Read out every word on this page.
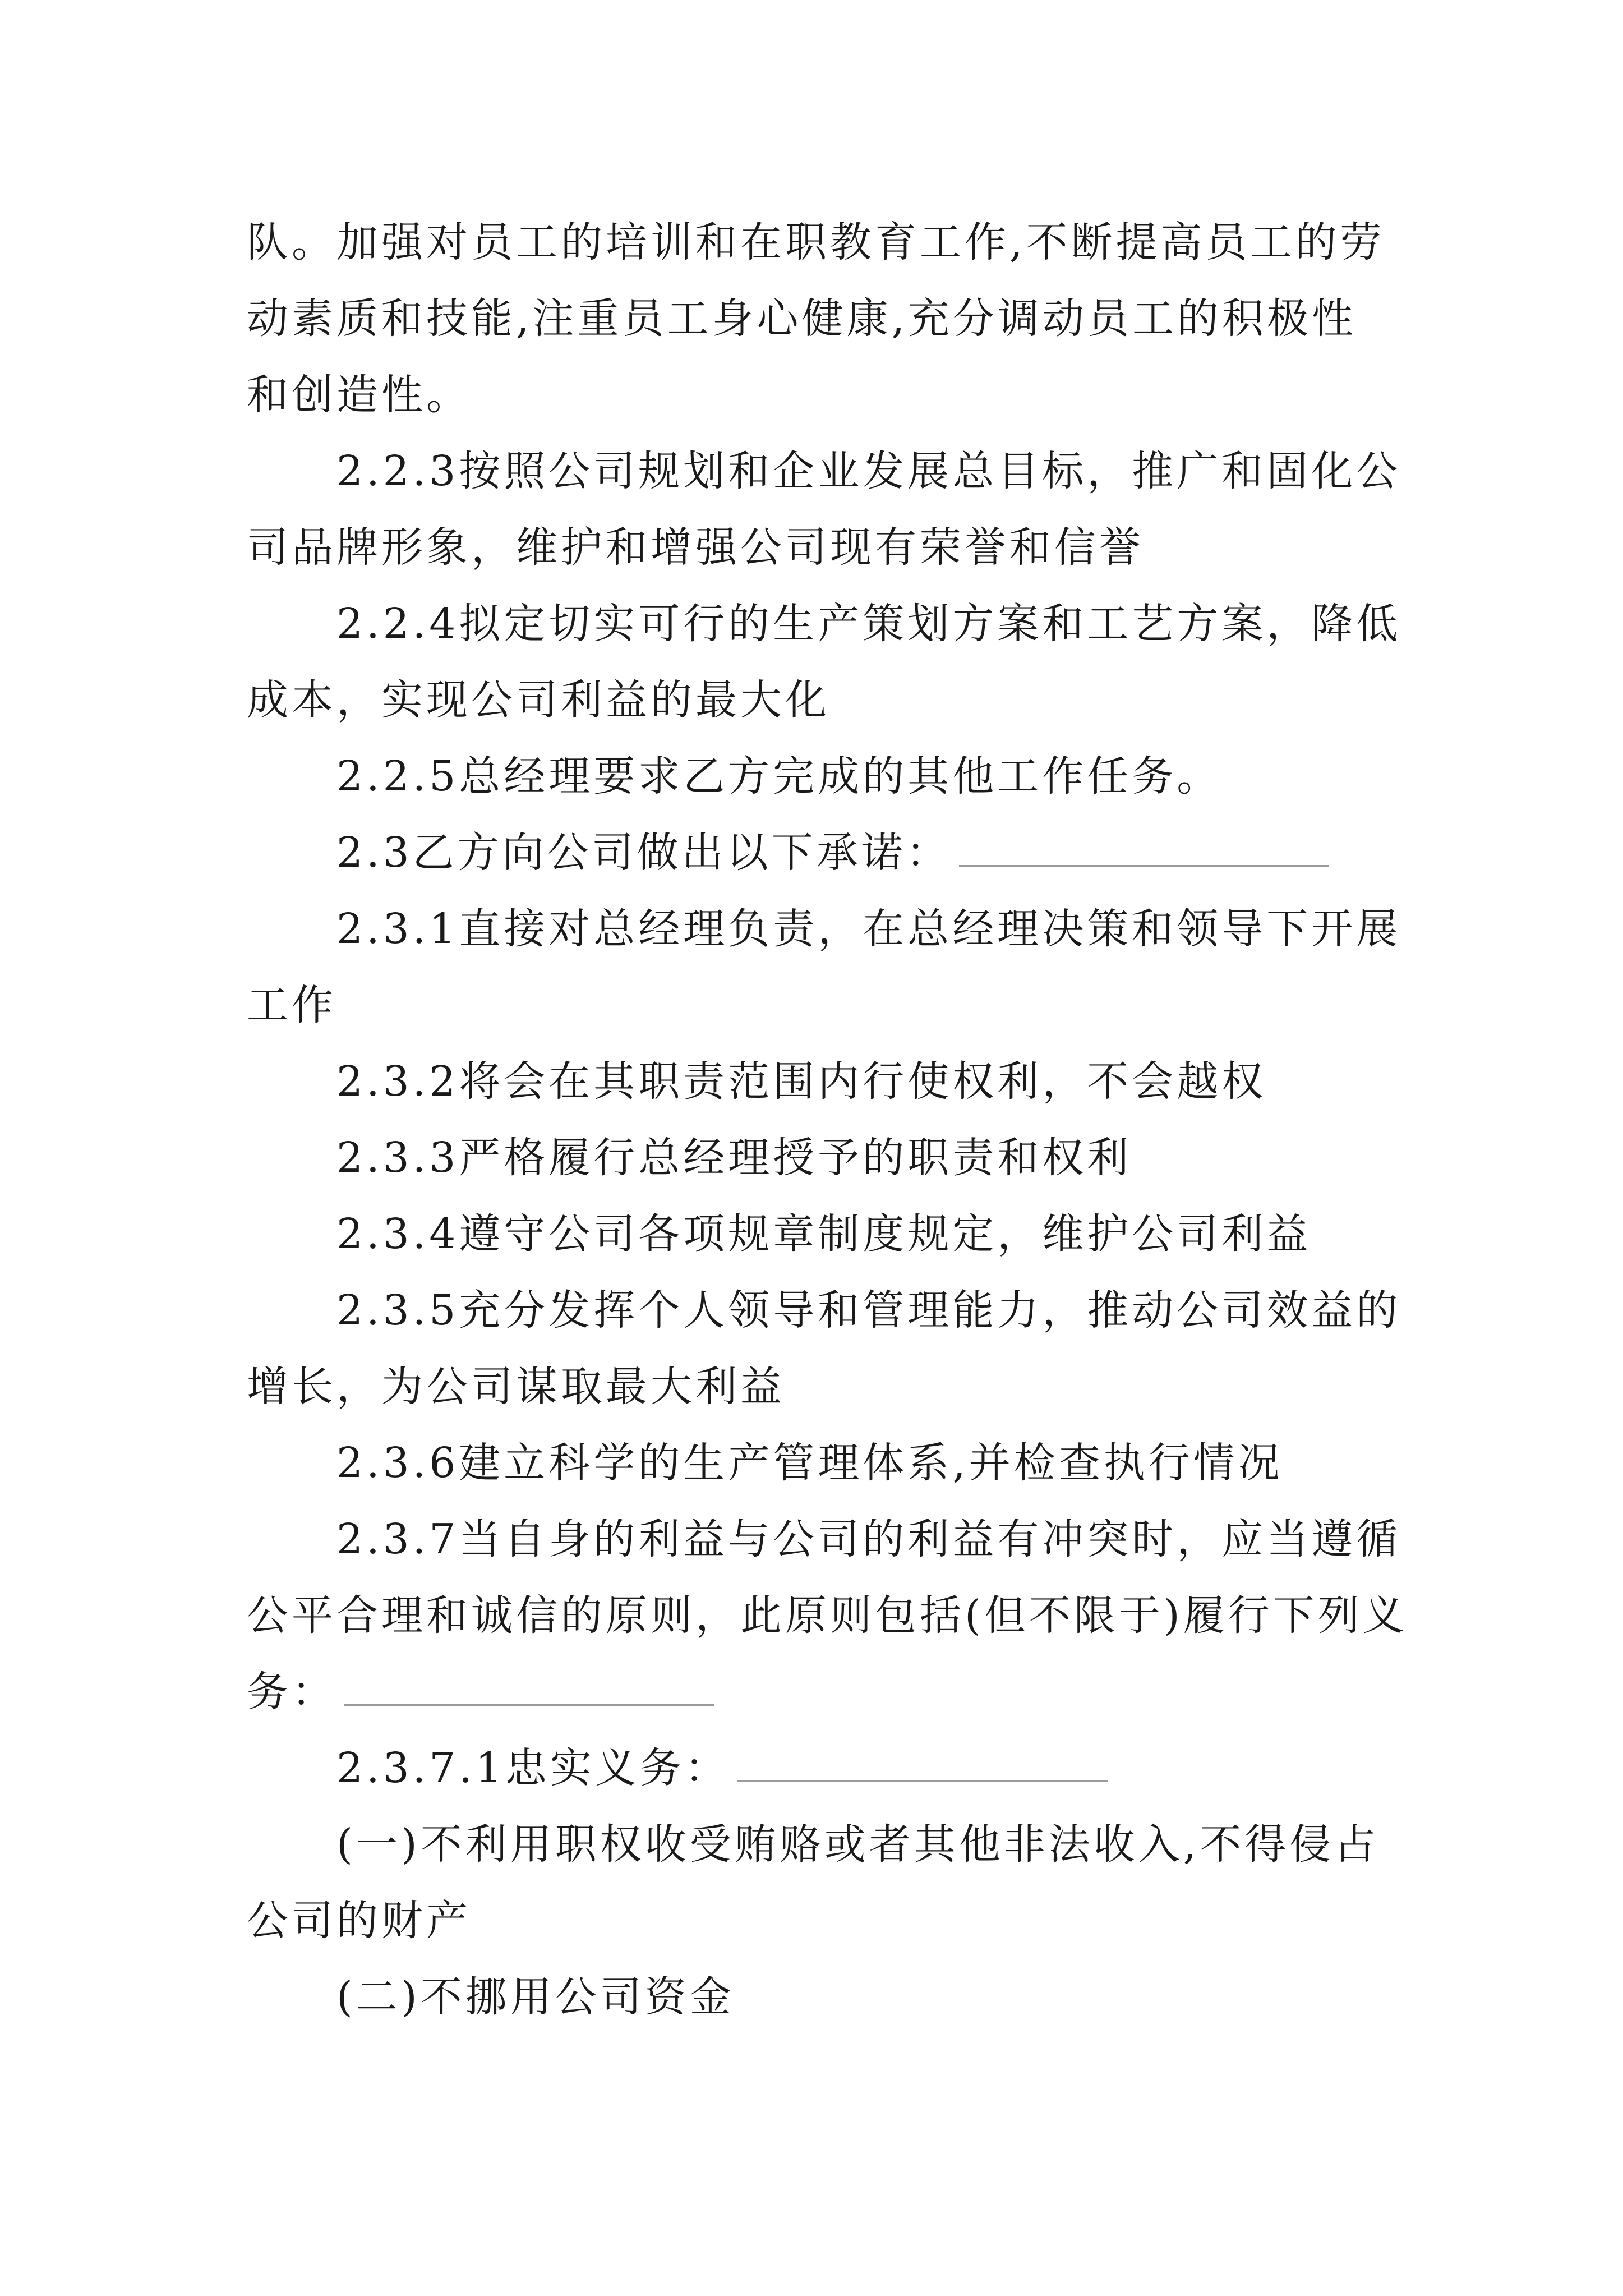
队。加强对员工的培训和在职教育工作,不断提高员工的劳
动素质和技能,注重员工身心健康,充分调动员工的积极性
和创造性。
2.2.3按照公司规划和企业发展总目标，推广和固化公
司品牌形象，维护和增强公司现有荣誉和信誉
2.2.4拟定切实可行的生产策划方案和工艺方案，降低
成本，实现公司利益的最大化
2.2.5总经理要求乙方完成的其他工作任务。
2.3乙方向公司做出以下承诺：
2.3.1直接对总经理负责，在总经理决策和领导下开展
工作
2.3.2将会在其职责范围内行使权利，不会越权
2.3.3严格履行总经理授予的职责和权利
2.3.4遵守公司各项规章制度规定，维护公司利益
2.3.5充分发挥个人领导和管理能力，推动公司效益的
增长，为公司谋取最大利益
2.3.6建立科学的生产管理体系,并检查执行情况
2.3.7当自身的利益与公司的利益有冲突时，应当遵循
公平合理和诚信的原则，此原则包括(但不限于)履行下列义
务：
2.3.7.1忠实义务：
(一)不利用职权收受贿赂或者其他非法收入,不得侵占
公司的财产
(二)不挪用公司资金
